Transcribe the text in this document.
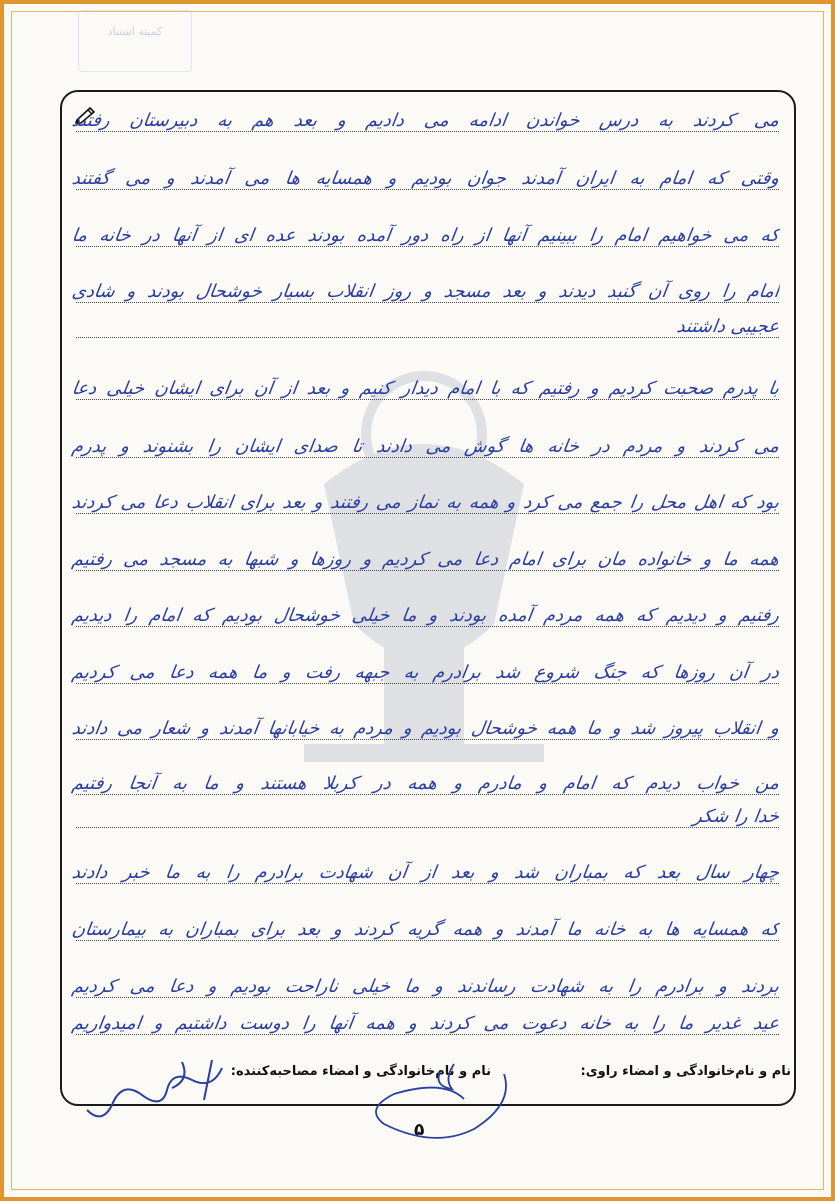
کمیته استناد
می کردند به درس خواندن ادامه می دادیم و بعد هم به دبیرستان رفتند
وقتی که امام به ایران آمدند جوان بودیم و همسایه ها می آمدند و می گفتند
که می خواهیم امام را ببینیم آنها از راه دور آمده بودند عده ای از آنها در خانه ما
امام را روی آن گنبد دیدند و بعد مسجد و روز انقلاب بسیار خوشحال بودند و شادی
عجیبی داشتند
با پدرم صحبت کردیم و رفتیم که با امام دیدار کنیم و بعد از آن برای ایشان خیلی دعا
می کردند و مردم در خانه ها گوش می دادند تا صدای ایشان را بشنوند و پدرم
بود که اهل محل را جمع می کرد و همه به نماز می رفتند و بعد برای انقلاب دعا می کردند
همه ما و خانواده مان برای امام دعا می کردیم و روزها و شبها به مسجد می رفتیم
رفتیم و دیدیم که همه مردم آمده بودند و ما خیلی خوشحال بودیم که امام را دیدیم
در آن روزها که جنگ شروع شد برادرم به جبهه رفت و ما همه دعا می کردیم
و انقلاب پیروز شد و ما همه خوشحال بودیم و مردم به خیابانها آمدند و شعار می دادند
من خواب دیدم که امام و مادرم و همه در کربلا هستند و ما به آنجا رفتیم
خدا را شکر
چهار سال بعد که بمباران شد و بعد از آن شهادت برادرم را به ما خبر دادند
که همسایه ها به خانه ما آمدند و همه گریه کردند و بعد برای بمباران به بیمارستان
بردند و برادرم را به شهادت رساندند و ما خیلی ناراحت بودیم و دعا می کردیم
عید غدیر ما را به خانه دعوت می کردند و همه آنها را دوست داشتیم و امیدواریم
نام و نام‌خانوادگی و امضاء راوی:
نام و نام‌خانوادگی و امضاء مصاحبه‌کننده:
۵
